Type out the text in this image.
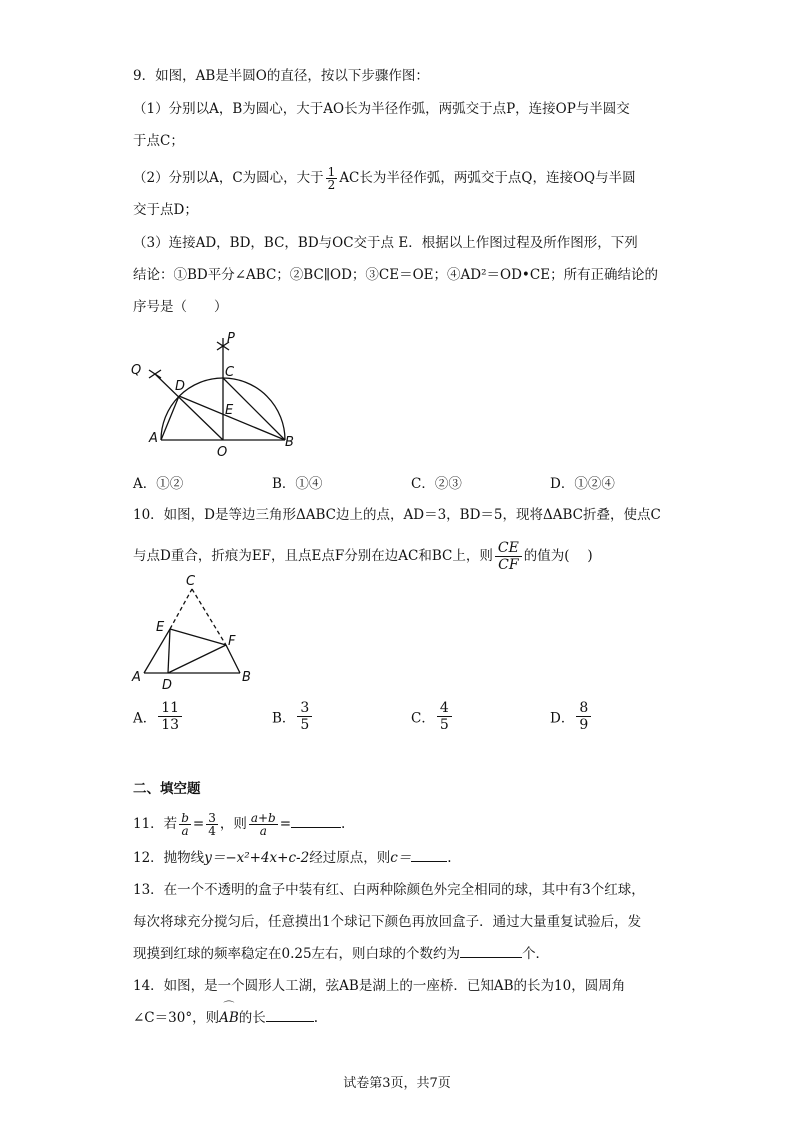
9．如图，AB是半圆O的直径，按以下步骤作图：
（1）分别以A，B为圆心，大于AO长为半径作弧，两弧交于点P，连接OP与半圆交
于点C；
（2）分别以A，C为圆心，大于 $\frac{1}{2}$ AC长为半径作弧，两弧交于点Q，连接OQ与半圆
交于点D；
（3）连接AD，BD，BC，BD与OC交于点 E．根据以上作图过程及所作图形，下列
结论：①BD平分∠ABC；②BC∥OD；③CE＝OE；④AD²＝OD•CE；所有正确结论的
序号是（　　）
P
Q	C
D
E
A
O
B
A．①②	B．①④	C．②③	D．①②④
10．如图，D是等边三角形ΔABC边上的点，AD＝3，BD＝5，现将ΔABC折叠，使点C
与点D重合，折痕为EF，且点E点F分别在边AC和BC上，则 $\frac{CE}{CF}$ 的值为(　 )
C
E
F
A
D
B
A． $\frac{11}{13}$	B． $\frac{3}{5}$	C． $\frac{4}{5}$	D． $\frac{8}{9}$
二、填空题
11．若 $\frac{b}{a} = \frac{3}{4}$ ，则 $\frac{a+b}{a}$ =	.
12．抛物线y＝−x²+4x+c-2经过原点，则c＝	.
13．在一个不透明的盒子中装有红、白两种除颜色外完全相同的球，其中有3个红球，
每次将球充分搅匀后，任意摸出1个球记下颜色再放回盒子．通过大量重复试验后，发
现摸到红球的频率稳定在0.25左右，则白球的个数约为	个．
14．如图，是一个圆形人工湖，弦AB是湖上的一座桥．已知AB的长为10，圆周角
∠C＝30°，则
⌒
AB的长	.
试卷第3页，共7页
